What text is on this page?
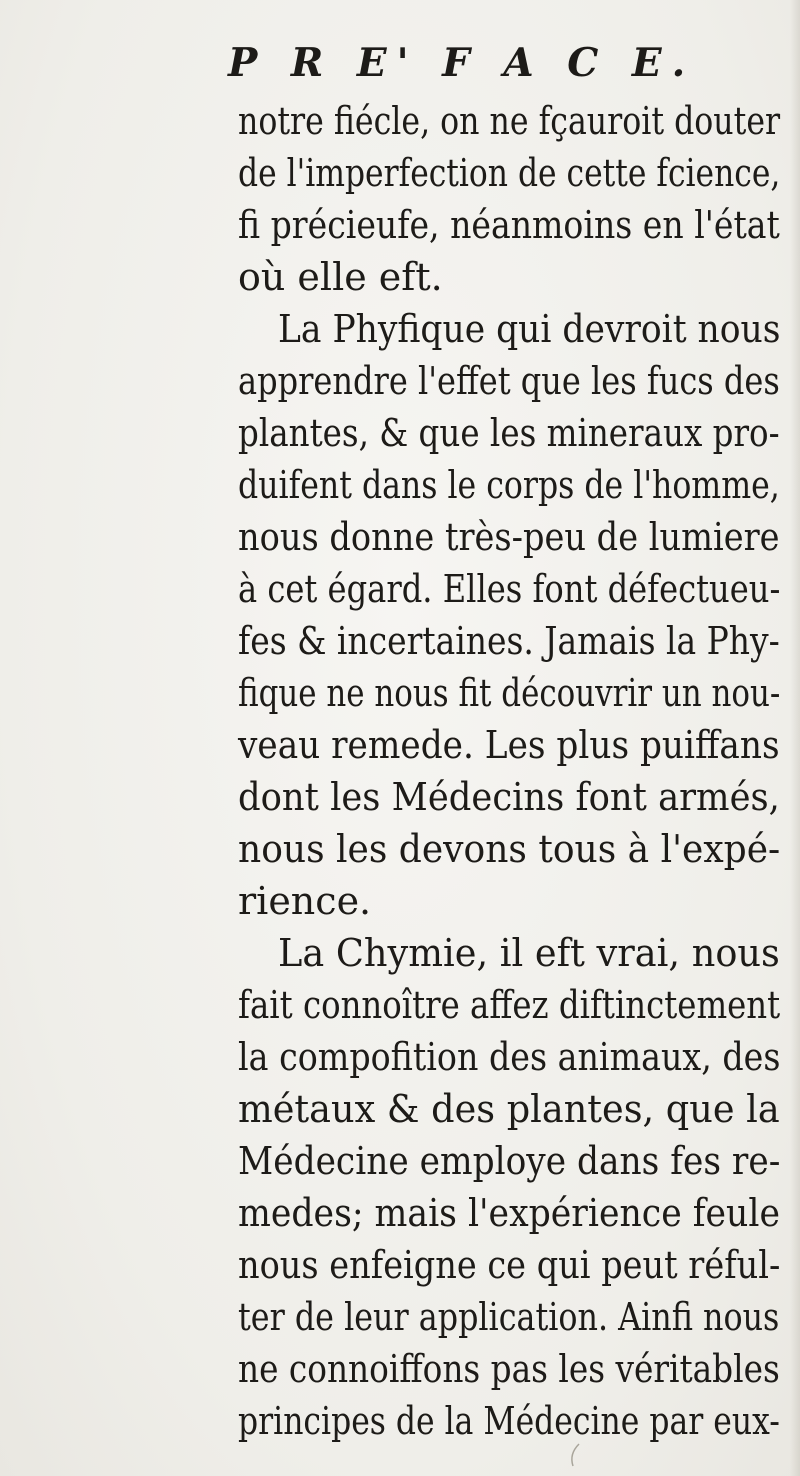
P R E' F A C E.
notre fiécle, on ne fçauroit douter
de l'imperfection de cette fcience,
fi précieufe, néanmoins en l'état
où elle eft.
La Phyfique qui devroit nous
apprendre l'effet que les fucs des
plantes, & que les mineraux pro-
duifent dans le corps de l'homme,
nous donne très-peu de lumiere
à cet égard. Elles font défectueu-
fes & incertaines. Jamais la Phy-
fique ne nous fit découvrir un nou-
veau remede. Les plus puiffans
dont les Médecins font armés,
nous les devons tous à l'expé-
rience.
La Chymie, il eft vrai, nous
fait connoître affez diftinctement
la compofition des animaux, des
métaux & des plantes, que la
Médecine employe dans fes re-
medes; mais l'expérience feule
nous enfeigne ce qui peut réful-
ter de leur application. Ainfi nous
ne connoiffons pas les véritables
principes de la Médecine par eux-
